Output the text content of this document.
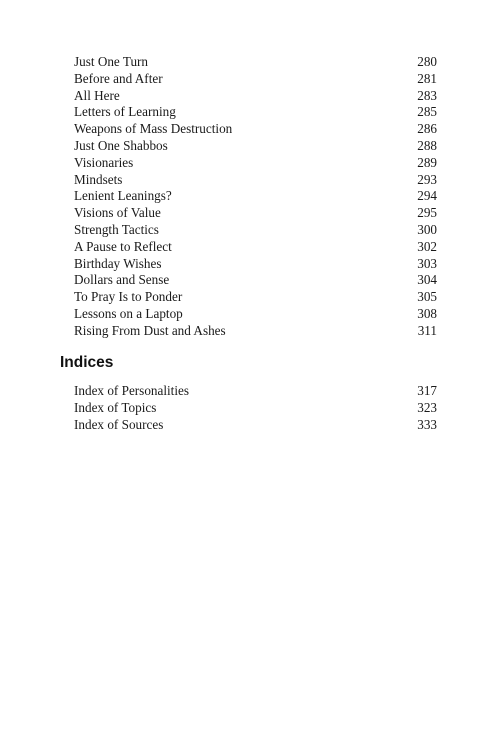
Just One Turn	280
Before and After	281
All Here	283
Letters of Learning	285
Weapons of Mass Destruction	286
Just One Shabbos	288
Visionaries	289
Mindsets	293
Lenient Leanings?	294
Visions of Value	295
Strength Tactics	300
A Pause to Reflect	302
Birthday Wishes	303
Dollars and Sense	304
To Pray Is to Ponder	305
Lessons on a Laptop	308
Rising From Dust and Ashes	311
Indices
Index of Personalities	317
Index of Topics	323
Index of Sources	333
